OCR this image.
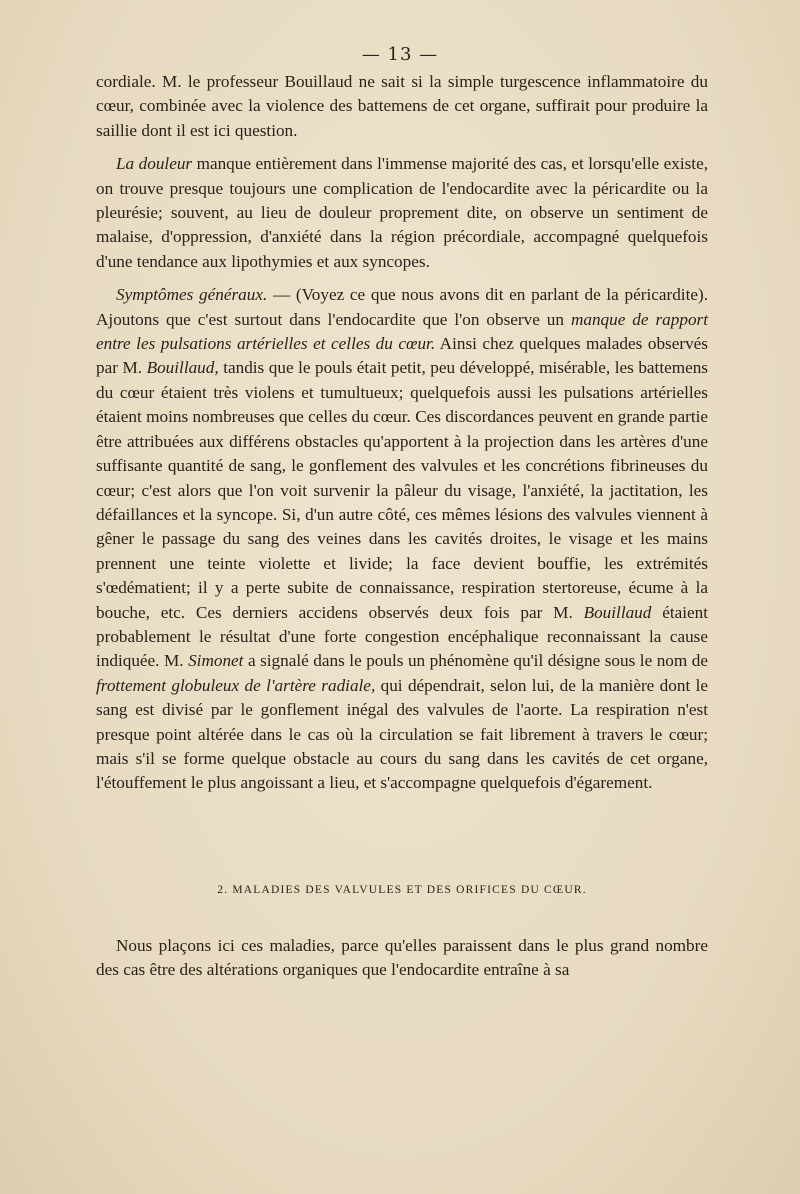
— 13 —

cordiale. M. le professeur Bouillaud ne sait si la simple turgescence inflammatoire du cœur, combinée avec la violence des battemens de cet organe, suffirait pour produire la saillie dont il est ici question.

La douleur manque entièrement dans l'immense majorité des cas, et lorsqu'elle existe, on trouve presque toujours une complication de l'endocardite avec la péricardite ou la pleurésie; souvent, au lieu de douleur proprement dite, on observe un sentiment de malaise, d'oppression, d'anxiété dans la région précordiale, accompagné quelquefois d'une tendance aux lipothymies et aux syncopes.

Symptômes généraux. — (Voyez ce que nous avons dit en parlant de la péricardite). Ajoutons que c'est surtout dans l'endocardite que l'on observe un manque de rapport entre les pulsations artérielles et celles du cœur. Ainsi chez quelques malades observés par M. Bouillaud, tandis que le pouls était petit, peu développé, misérable, les battemens du cœur étaient très violens et tumultueux; quelquefois aussi les pulsations artérielles étaient moins nombreuses que celles du cœur. Ces discordances peuvent en grande partie être attribuées aux différens obstacles qu'apportent à la projection dans les artères d'une suffisante quantité de sang, le gonflement des valvules et les concrétions fibrineuses du cœur; c'est alors que l'on voit survenir la pâleur du visage, l'anxiété, la jactitation, les défaillances et la syncope. Si, d'un autre côté, ces mêmes lésions des valvules viennent à gêner le passage du sang des veines dans les cavités droites, le visage et les mains prennent une teinte violette et livide; la face devient bouffie, les extrémités s'œdématient; il y a perte subite de connaissance, respiration stertoreuse, écume à la bouche, etc. Ces derniers accidens observés deux fois par M. Bouillaud étaient probablement le résultat d'une forte congestion encéphalique reconnaissant la cause indiquée. M. Simonet a signalé dans le pouls un phénomène qu'il désigne sous le nom de frottement globuleux de l'artère radiale, qui dépendrait, selon lui, de la manière dont le sang est divisé par le gonflement inégal des valvules de l'aorte. La respiration n'est presque point altérée dans le cas où la circulation se fait librement à travers le cœur; mais s'il se forme quelque obstacle au cours du sang dans les cavités de cet organe, l'étouffement le plus angoissant a lieu, et s'accompagne quelquefois d'égarement.

2. MALADIES DES VALVULES ET DES ORIFICES DU CŒUR.

Nous plaçons ici ces maladies, parce qu'elles paraissent dans le plus grand nombre des cas être des altérations organiques que l'endocardite entraîne à sa
